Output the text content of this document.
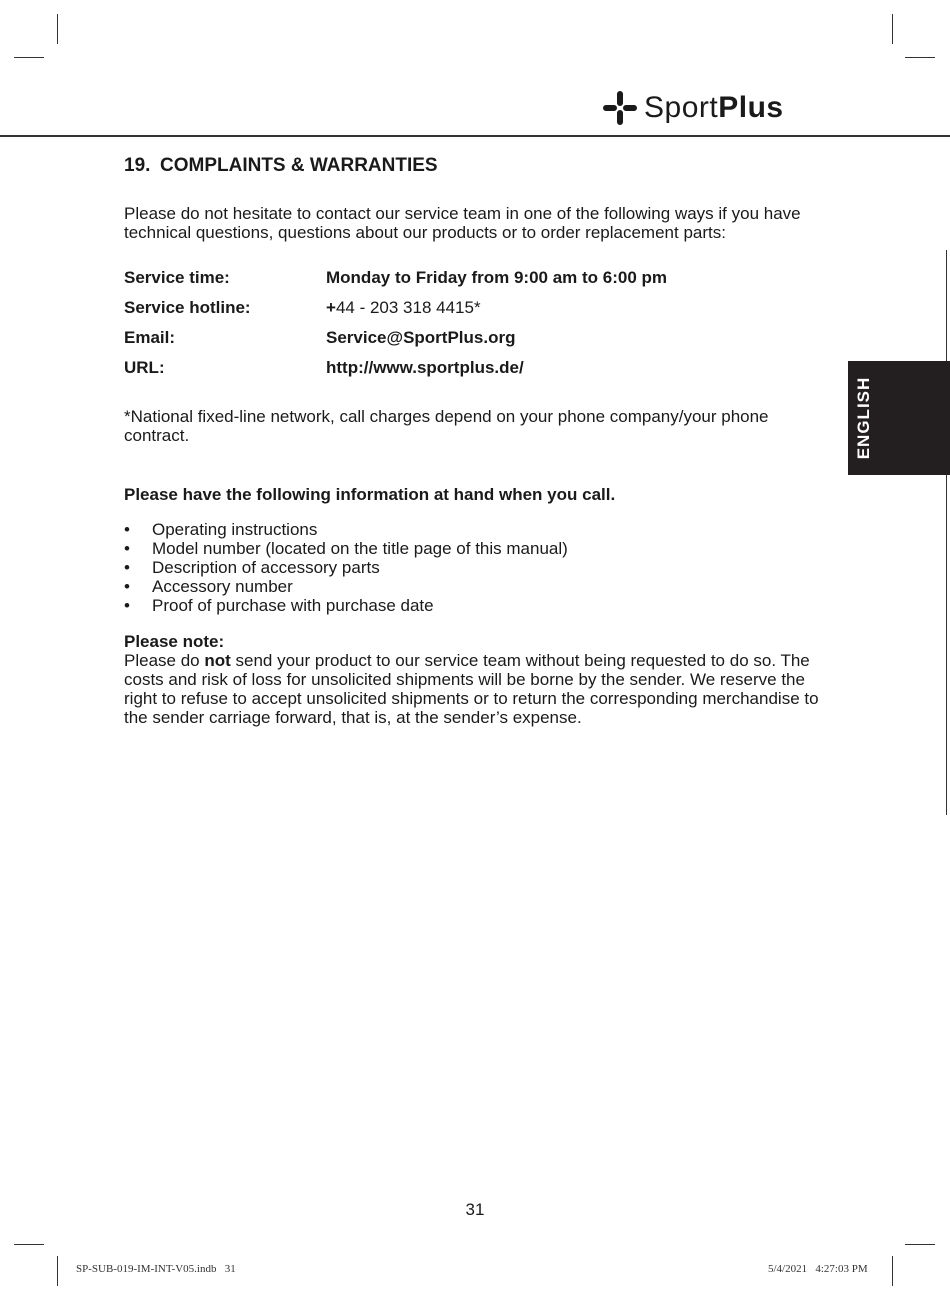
SportPlus
ENGLISH
19. COMPLAINTS & WARRANTIES

Please do not hesitate to contact our service team in one of the following ways if you have technical questions, questions about our products or to order replacement parts:

Service time:	Monday to Friday from 9:00 am to 6:00 pm
Service hotline:	+44 - 203 318 4415*
Email:	Service@SportPlus.org
URL:	http://www.sportplus.de/

*National fixed-line network, call charges depend on your phone company/your phone contract.

Please have the following information at hand when you call.

• Operating instructions
• Model number (located on the title page of this manual)
• Description of accessory parts
• Accessory number
• Proof of purchase with purchase date

Please note:

Please do not send your product to our service team without being requested to do so. The costs and risk of loss for unsolicited shipments will be borne by the sender. We reserve the right to refuse to accept unsolicited shipments or to return the corresponding merchandise to the sender carriage forward, that is, at the sender’s expense.

31
SP-SUB-019-IM-INT-V05.indb   31	5/4/2021   4:27:03 PM
